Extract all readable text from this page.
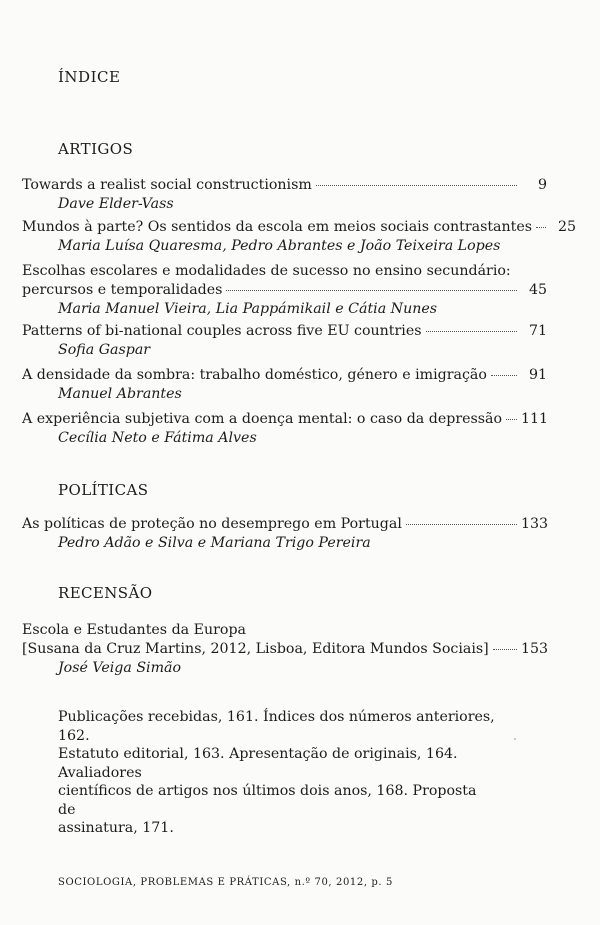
ÍNDICE
ARTIGOS
Towards a realist social constructionism	9
Dave Elder-Vass
Mundos à parte? Os sentidos da escola em meios sociais contrastantes	25
Maria Luísa Quaresma, Pedro Abrantes e João Teixeira Lopes
Escolhas escolares e modalidades de sucesso no ensino secundário:
percursos e temporalidades	45
Maria Manuel Vieira, Lia Pappámikail e Cátia Nunes
Patterns of bi-national couples across five EU countries	71
Sofia Gaspar
A densidade da sombra: trabalho doméstico, género e imigração	91
Manuel Abrantes
A experiência subjetiva com a doença mental: o caso da depressão 111
Cecília Neto e Fátima Alves
POLÍTICAS
As políticas de proteção no desemprego em Portugal	133
Pedro Adão e Silva e Mariana Trigo Pereira
RECENSÃO
Escola e Estudantes da Europa
[Susana da Cruz Martins, 2012, Lisboa, Editora Mundos Sociais] 153
José Veiga Simão
Publicações recebidas, 161. Índices dos números anteriores, 162.
Estatuto editorial, 163. Apresentação de originais, 164. Avaliadores
científicos de artigos nos últimos dois anos, 168. Proposta de
assinatura, 171.
SOCIOLOGIA, PROBLEMAS E PRÁTICAS, n.º 70, 2012, p. 5
